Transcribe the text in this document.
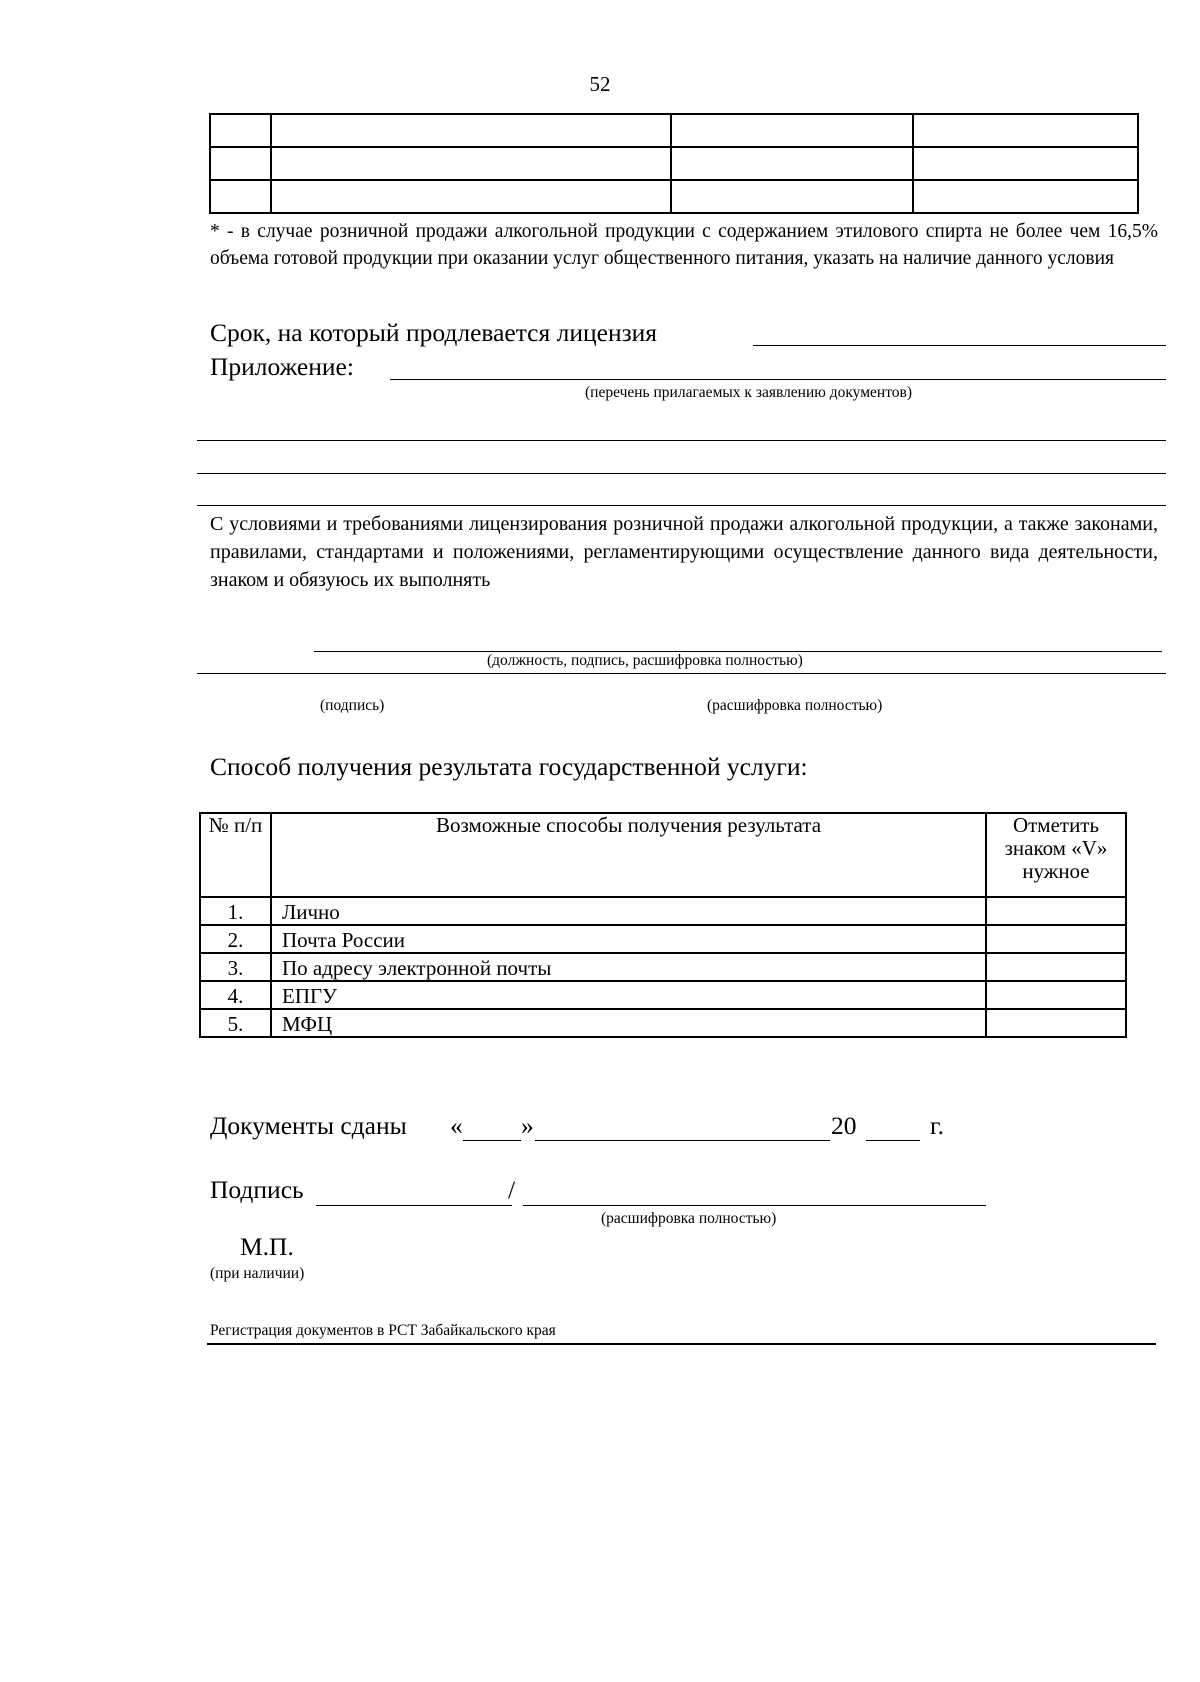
52

* - в случае розничной продажи алкогольной продукции с содержанием этилового спирта не более чем 16,5% объема готовой продукции при оказании услуг общественного питания, указать на наличие данного условия
Срок, на который продлевается лицензия
Приложение:
(перечень прилагаемых к заявлению документов)
С условиями и требованиями лицензирования розничной продажи алкогольной продукции, а также законами, правилами, стандартами и положениями, регламентирующими осуществление данного вида деятельности, знаком и обязуюсь их выполнять
(должность, подпись, расшифровка полностью)
(подпись)	(расшифровка полностью)
Способ получения результата государственной услуги:
№ п/п	Возможные способы получения результата	Отметить знаком «V» нужное
1.	Лично	
2.	Почта России	
3.	По адресу электронной почты	
4.	ЕПГУ	
5.	МФЦ	
Документы сданы « »	20	г.
Подпись	/
(расшифровка полностью)
М.П.
(при наличии)
Регистрация документов в РСТ Забайкальского края
